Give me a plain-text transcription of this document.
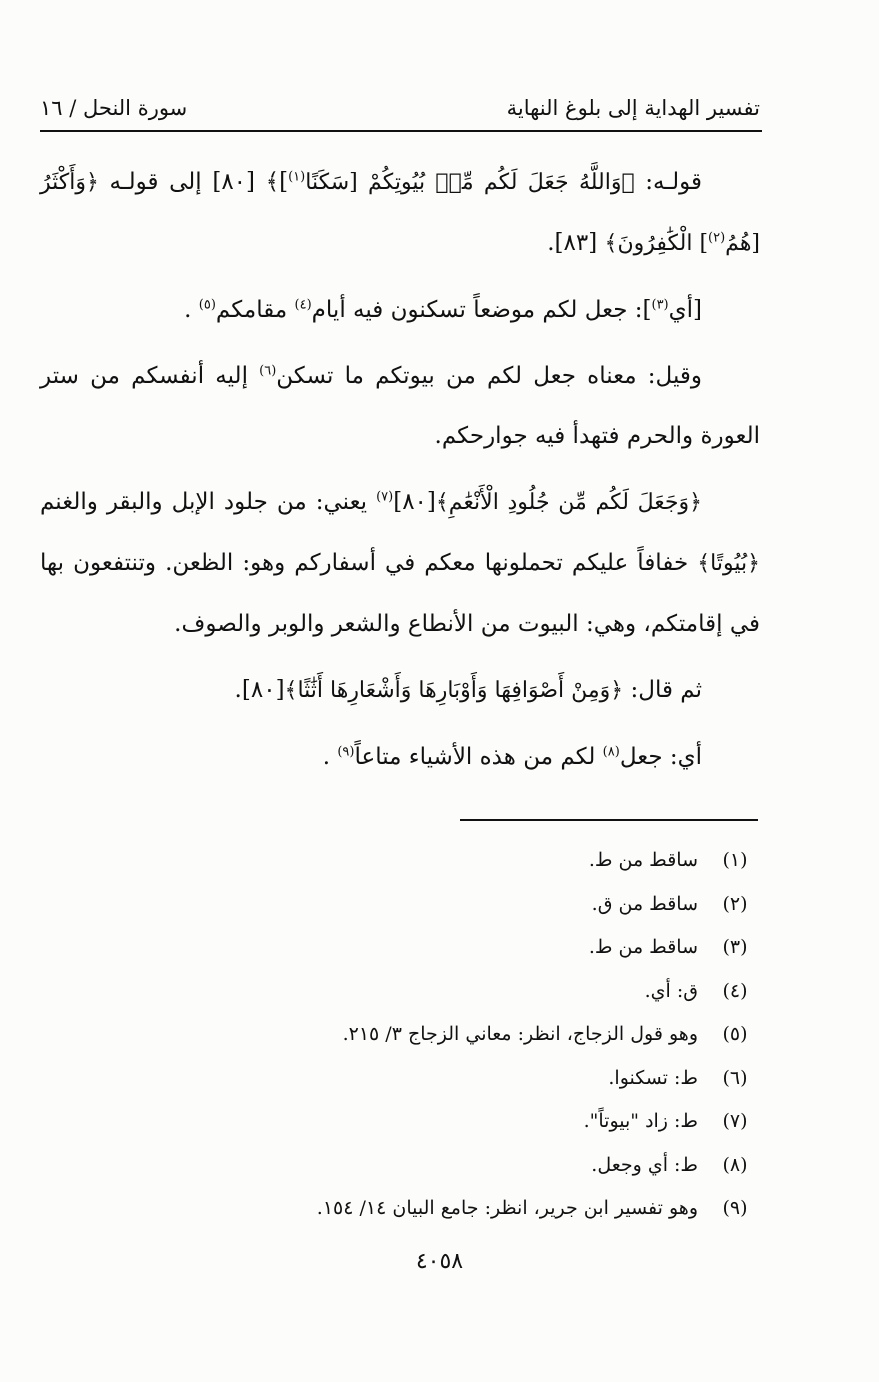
تفسير الهداية إلى بلوغ النهاية
سورة النحل / ١٦

قولـه: ﴿وَاللَّهُ جَعَلَ لَكُم مِّنۢ بُيُوتِكُمْ [سَكَنًا$^{(١)}$]﴾ [٨٠] إلى قولـه ﴿وَأَكْثَرُ [هُمُ$^{(٢)}$] الْكَٰفِرُونَ﴾ [٨٣].

[أي$^{(٣)}$]: جعل لكم موضعاً تسكنون فيه أيام$^{(٤)}$ مقامكم$^{(٥)}$ .

وقيل: معناه جعل لكم من بيوتكم ما تسكن$^{(٦)}$ إليه أنفسكم من ستر العورة والحرم فتهدأ فيه جوارحكم.

﴿وَجَعَلَ لَكُم مِّن جُلُودِ الْأَنْعَٰمِ﴾[٨٠]$^{(٧)}$ يعني: من جلود الإبل والبقر والغنم ﴿بُيُوتًا﴾ خفافاً عليكم تحملونها معكم في أسفاركم وهو: الظعن. وتنتفعون بها في إقامتكم، وهي: البيوت من الأنطاع والشعر والوبر والصوف.

ثم قال: ﴿وَمِنْ أَصْوَافِهَا وَأَوْبَارِهَا وَأَشْعَارِهَا أَثَٰثًا﴾[٨٠].

أي: جعل$^{(٨)}$ لكم من هذه الأشياء متاعاً$^{(٩)}$ .

(١)ساقط من ط.
(٢)ساقط من ق.
(٣)ساقط من ط.
(٤)ق: أي.
(٥)وهو قول الزجاج، انظر: معاني الزجاج ٣/ ٢١٥.
(٦)ط: تسكنوا.
(٧)ط: زاد "بيوتاً".
(٨)ط: أي وجعل.
(٩)وهو تفسير ابن جرير، انظر: جامع البيان ١٤/ ١٥٤.
٤٠٥٨
